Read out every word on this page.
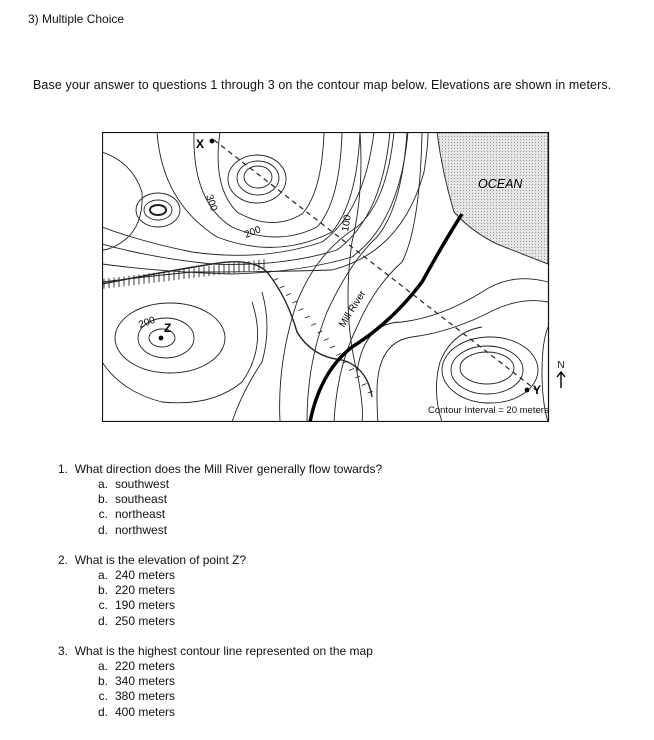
3) Multiple Choice
Base your answer to questions 1 through 3 on the contour map below. Elevations are shown in meters.
300
200
100
200	Mill River
OCEAN
X
Z
Y
N
Contour Interval = 20 meters
1. What direction does the Mill River generally flow towards?
a. southwest
b. southeast
c. northeast
d. northwest
2. What is the elevation of point Z?
a. 240 meters
b. 220 meters
c. 190 meters
d. 250 meters
3. What is the highest contour line represented on the map
a. 220 meters
b. 340 meters
c. 380 meters
d. 400 meters
